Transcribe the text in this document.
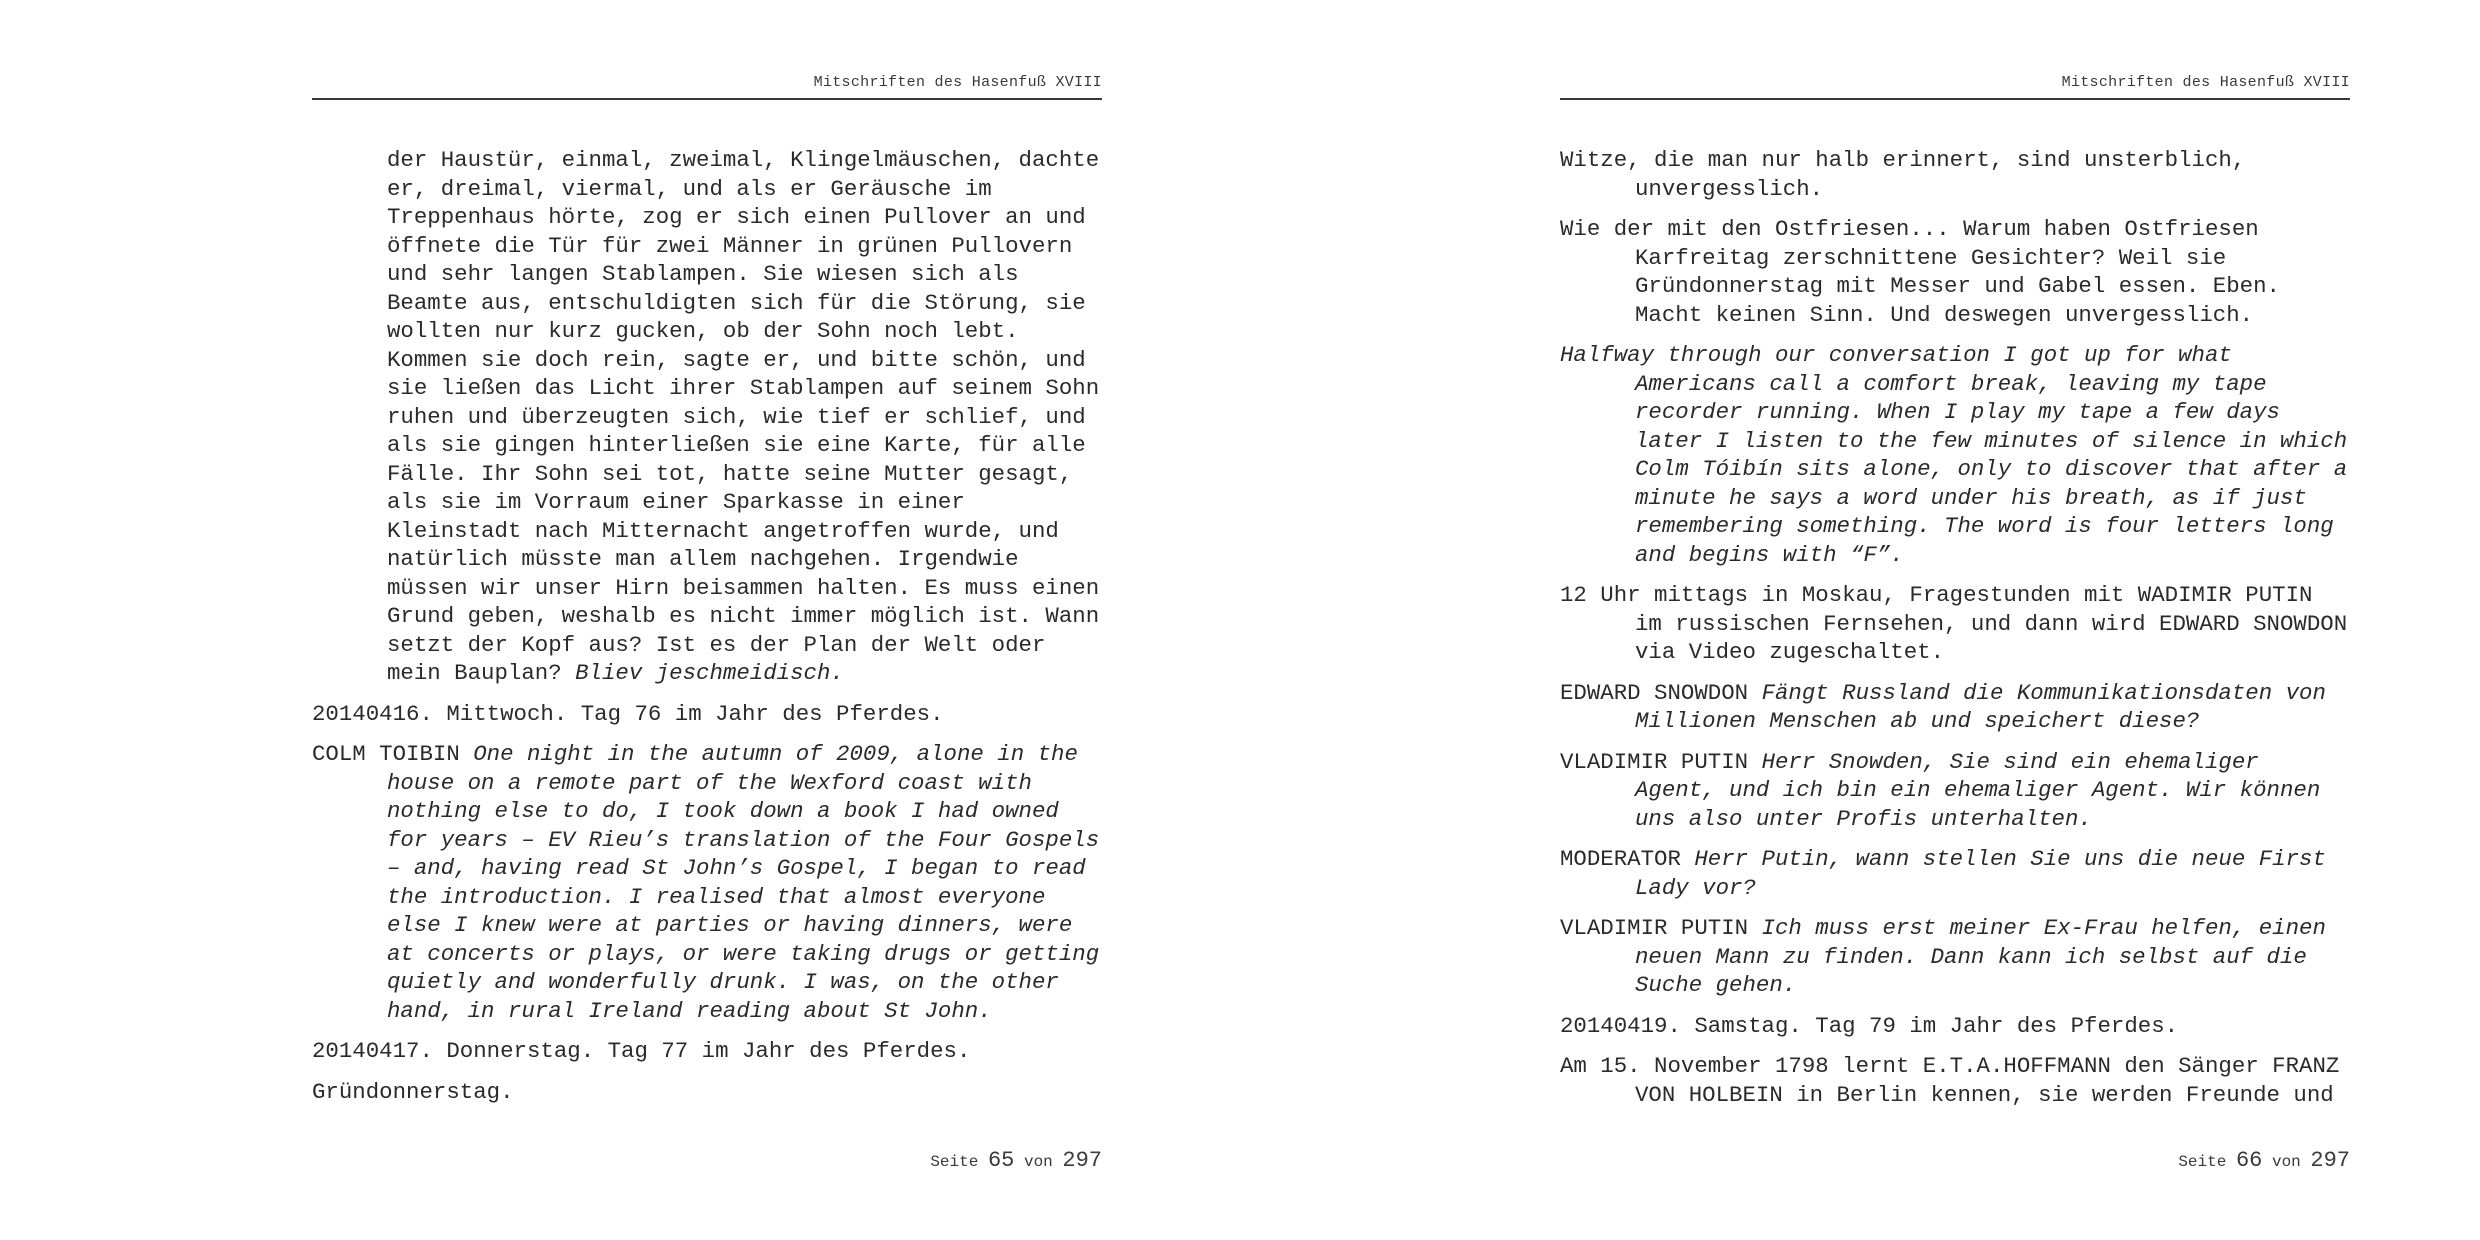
Mitschriften des Hasenfuß XVIII

der Haustür, einmal, zweimal, Klingelmäuschen, dachte er, dreimal, viermal, und als er Geräusche im Treppenhaus hörte, zog er sich einen Pullover an und öffnete die Tür für zwei Männer in grünen Pullovern und sehr langen Stablampen. Sie wiesen sich als Beamte aus, entschuldigten sich für die Störung, sie wollten nur kurz gucken, ob der Sohn noch lebt. Kommen sie doch rein, sagte er, und bitte schön, und sie ließen das Licht ihrer Stablampen auf seinem Sohn ruhen und überzeugten sich, wie tief er schlief, und als sie gingen hinterließen sie eine Karte, für alle Fälle. Ihr Sohn sei tot, hatte seine Mutter gesagt, als sie im Vorraum einer Sparkasse in einer Kleinstadt nach Mitternacht angetroffen wurde, und natürlich müsste man allem nachgehen. Irgendwie müssen wir unser Hirn beisammen halten. Es muss einen Grund geben, weshalb es nicht immer möglich ist. Wann setzt der Kopf aus? Ist es der Plan der Welt oder mein Bauplan? Bliev jeschmeidisch.

20140416. Mittwoch. Tag 76 im Jahr des Pferdes.

COLM TOIBIN One night in the autumn of 2009, alone in the house on a remote part of the Wexford coast with nothing else to do, I took down a book I had owned for years – EV Rieu’s translation of the Four Gospels – and, having read St John’s Gospel, I began to read the introduction. I realised that almost everyone else I knew were at parties or having dinners, were at concerts or plays, or were taking drugs or getting quietly and wonderfully drunk. I was, on the other hand, in rural Ireland reading about St John.

20140417. Donnerstag. Tag 77 im Jahr des Pferdes.

Gründonnerstag.

Seite 65 von 297
Mitschriften des Hasenfuß XVIII

Witze, die man nur halb erinnert, sind unsterblich, unvergesslich.

Wie der mit den Ostfriesen... Warum haben Ostfriesen Karfreitag zerschnittene Gesichter? Weil sie Gründonnerstag mit Messer und Gabel essen. Eben. Macht keinen Sinn. Und deswegen unvergesslich.

Halfway through our conversation I got up for what Americans call a comfort break, leaving my tape recorder running. When I play my tape a few days later I listen to the few minutes of silence in which Colm Tóibín sits alone, only to discover that after a minute he says a word under his breath, as if just remembering something. The word is four letters long and begins with “F”.

12 Uhr mittags in Moskau, Fragestunden mit WADIMIR PUTIN im russischen Fernsehen, und dann wird EDWARD SNOWDON via Video zugeschaltet.

EDWARD SNOWDON Fängt Russland die Kommunikationsdaten von Millionen Menschen ab und speichert diese?

VLADIMIR PUTIN Herr Snowden, Sie sind ein ehemaliger Agent, und ich bin ein ehemaliger Agent. Wir können uns also unter Profis unterhalten.

MODERATOR Herr Putin, wann stellen Sie uns die neue First Lady vor?

VLADIMIR PUTIN Ich muss erst meiner Ex-Frau helfen, einen neuen Mann zu finden. Dann kann ich selbst auf die Suche gehen.

20140419. Samstag. Tag 79 im Jahr des Pferdes.

Am 15. November 1798 lernt E.T.A.HOFFMANN den Sänger FRANZ VON HOLBEIN in Berlin kennen, sie werden Freunde und

Seite 66 von 297
